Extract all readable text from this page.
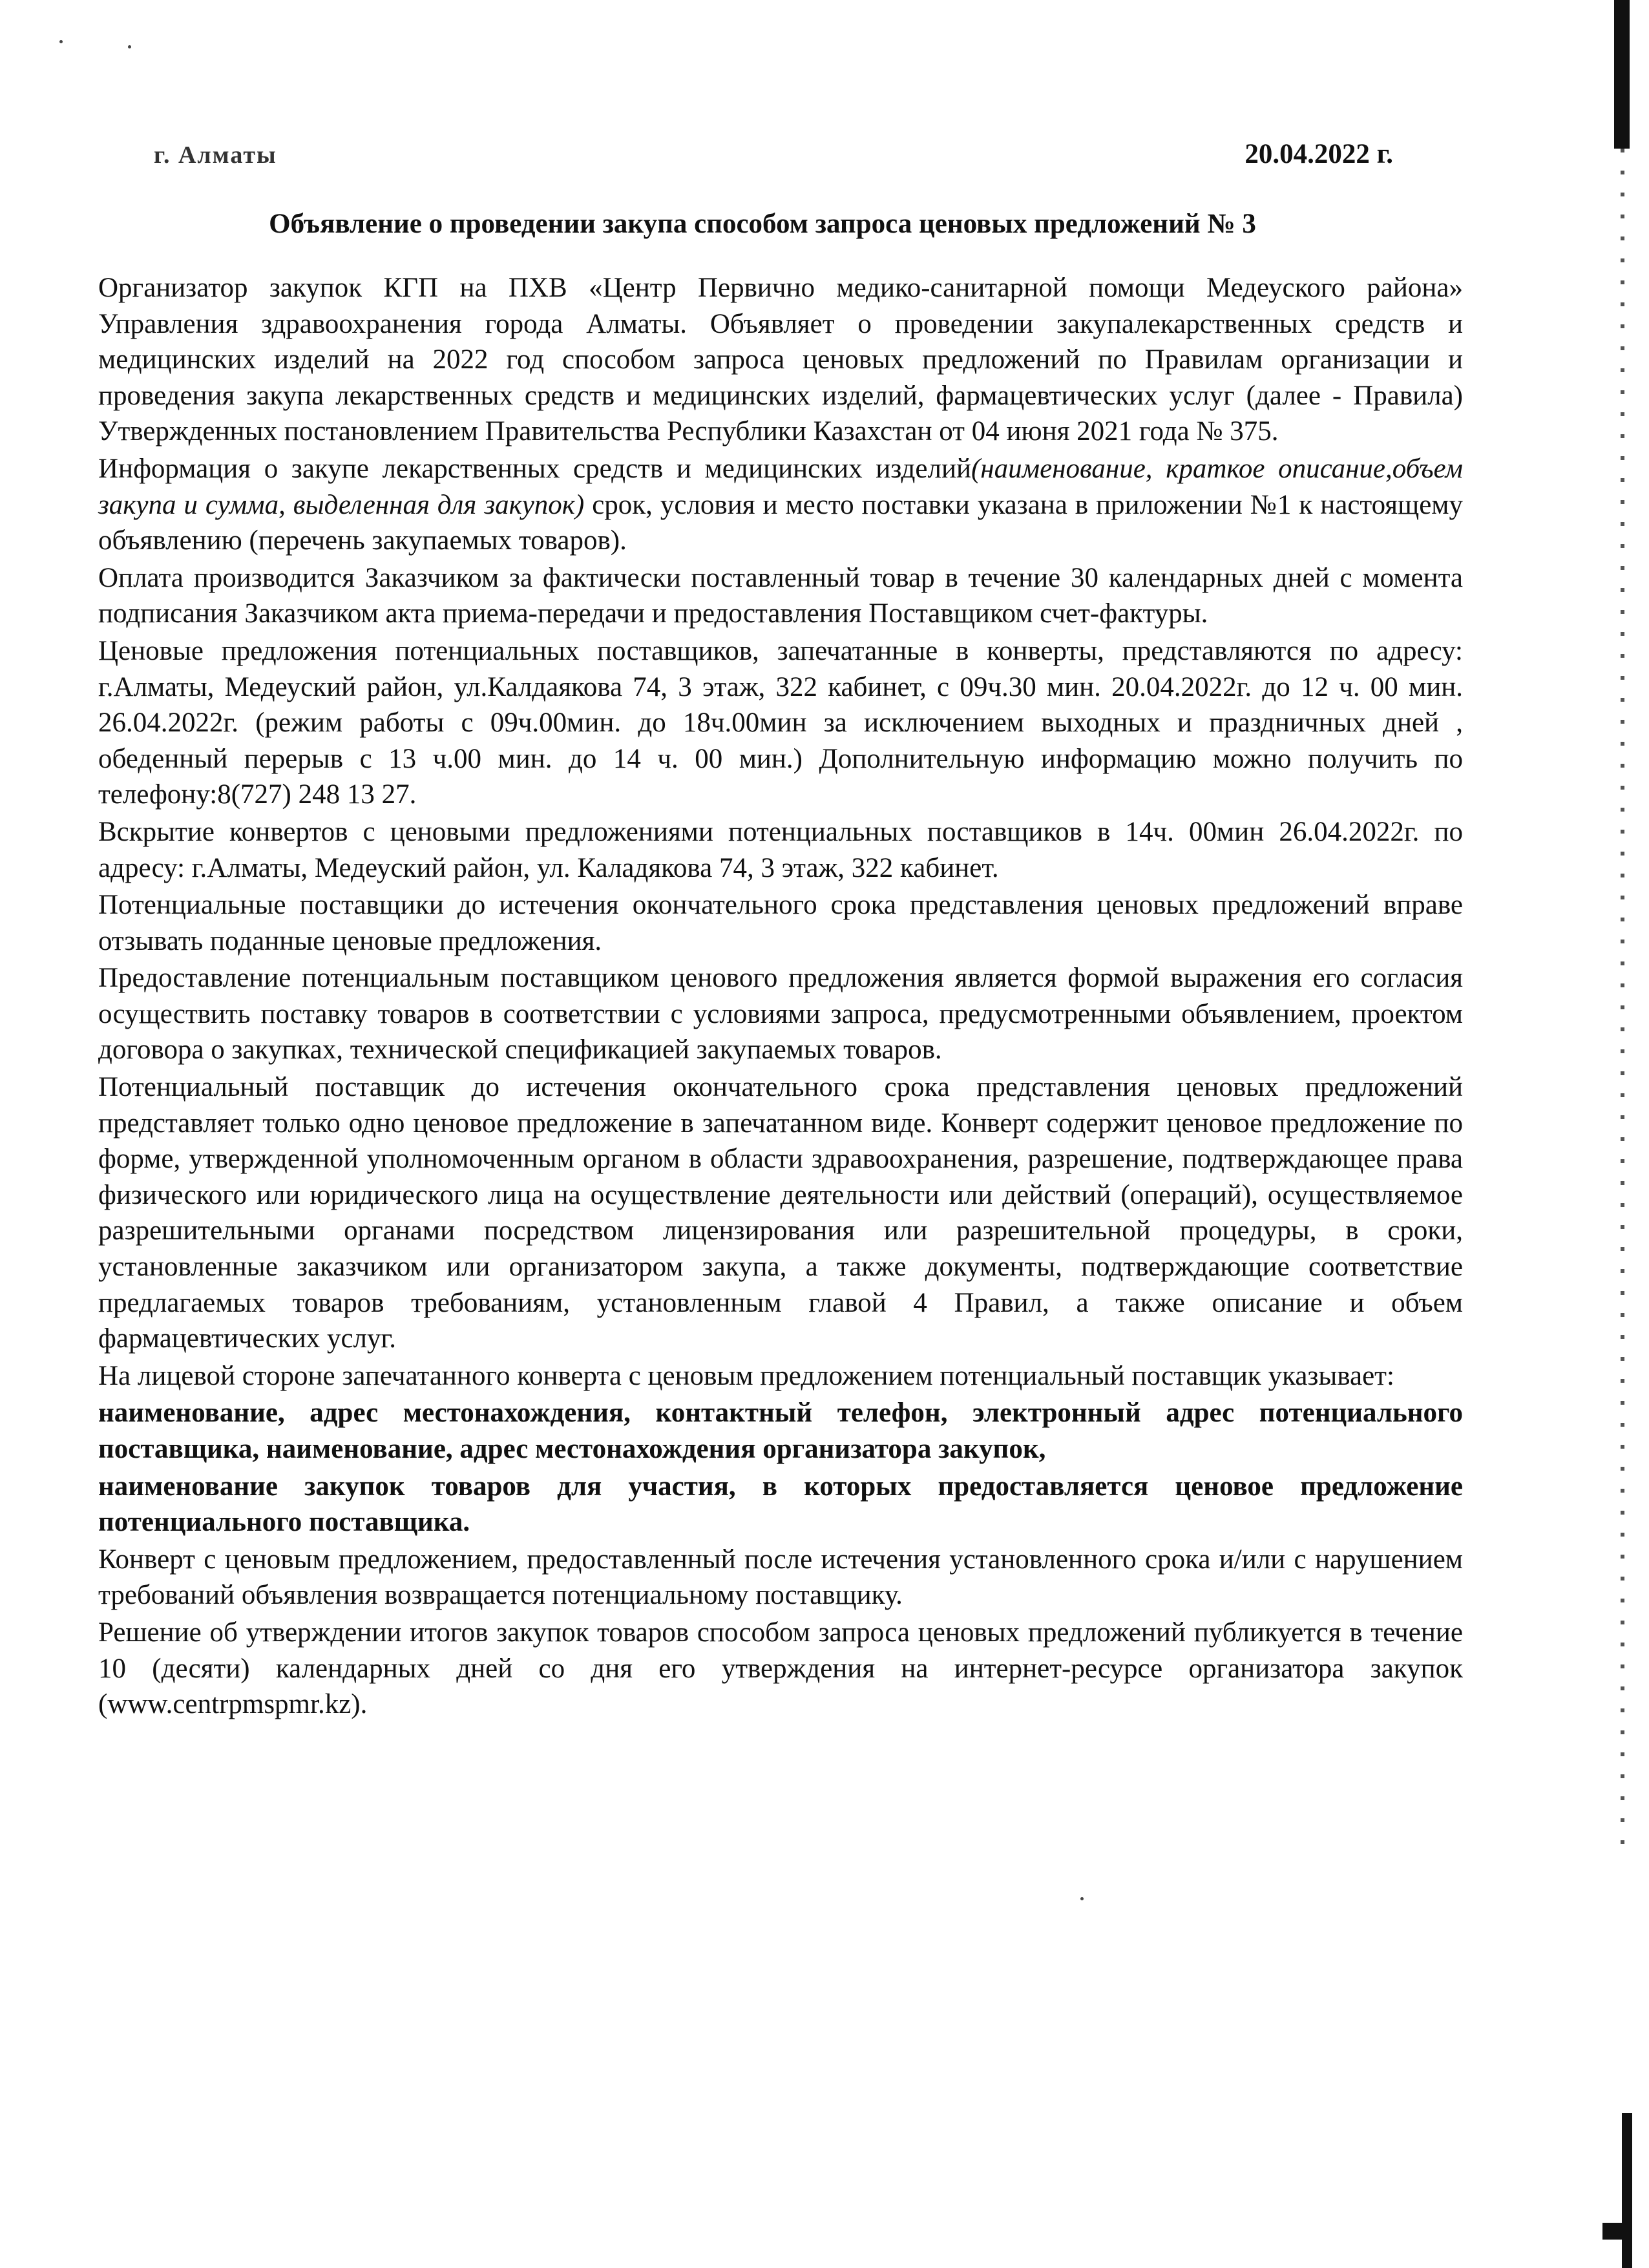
г. Алматы	20.04.2022 г.
Объявление о проведении закупа способом запроса ценовых предложений № 3

Организатор закупок КГП на ПХВ «Центр Первично медико-санитарной помощи Медеуского района» Управления здравоохранения города Алматы. Объявляет о проведении закупалекарственных средств и медицинских изделий на 2022 год способом запроса ценовых предложений по Правилам организации и проведения закупа лекарственных средств и медицинских изделий, фармацевтических услуг (далее - Правила) Утвержденных постановлением Правительства Республики Казахстан от 04 июня 2021 года № 375.

Информация о закупе лекарственных средств и медицинских изделий(наименование, краткое описание,объем закупа и сумма, выделенная для закупок) срок, условия и место поставки указана в приложении №1 к настоящему объявлению (перечень закупаемых товаров).

Оплата производится Заказчиком за фактически поставленный товар в течение 30 календарных дней с момента подписания Заказчиком акта приема-передачи и предоставления Поставщиком счет-фактуры.

Ценовые предложения потенциальных поставщиков, запечатанные в конверты, представляются по адресу: г.Алматы, Медеуский район, ул.Калдаякова 74, 3 этаж, 322 кабинет, с 09ч.30 мин. 20.04.2022г. до 12 ч. 00 мин. 26.04.2022г. (режим работы с 09ч.00мин. до 18ч.00мин за исключением выходных и праздничных дней , обеденный перерыв с 13 ч.00 мин. до 14 ч. 00 мин.) Дополнительную информацию можно получить по телефону:8(727) 248 13 27.

Вскрытие конвертов с ценовыми предложениями потенциальных поставщиков в 14ч. 00мин 26.04.2022г. по адресу: г.Алматы, Медеуский район, ул. Каладякова 74, 3 этаж, 322 кабинет.

Потенциальные поставщики до истечения окончательного срока представления ценовых предложений вправе отзывать поданные ценовые предложения.

Предоставление потенциальным поставщиком ценового предложения является формой выражения его согласия осуществить поставку товаров в соответствии с условиями запроса, предусмотренными объявлением, проектом договора о закупках, технической спецификацией закупаемых товаров.

Потенциальный поставщик до истечения окончательного срока представления ценовых предложений представляет только одно ценовое предложение в запечатанном виде. Конверт содержит ценовое предложение по форме, утвержденной уполномоченным органом в области здравоохранения, разрешение, подтверждающее права физического или юридического лица на осуществление деятельности или действий (операций), осуществляемое разрешительными органами посредством лицензирования или разрешительной процедуры, в сроки, установленные заказчиком или организатором закупа, а также документы, подтверждающие соответствие предлагаемых товаров требованиям, установленным главой 4 Правил, а также описание и объем фармацевтических услуг.

На лицевой стороне запечатанного конверта с ценовым предложением потенциальный поставщик указывает:

наименование, адрес местонахождения, контактный телефон, электронный адрес потенциального поставщика, наименование, адрес местонахождения организатора закупок,

наименование закупок товаров для участия, в которых предоставляется ценовое предложение потенциального поставщика.

Конверт с ценовым предложением, предоставленный после истечения установленного срока и/или с нарушением требований объявления возвращается потенциальному поставщику.

Решение об утверждении итогов закупок товаров способом запроса ценовых предложений публикуется в течение 10 (десяти) календарных дней со дня его утверждения на интернет-ресурсе организатора закупок (www.centrpmspmr.kz).
